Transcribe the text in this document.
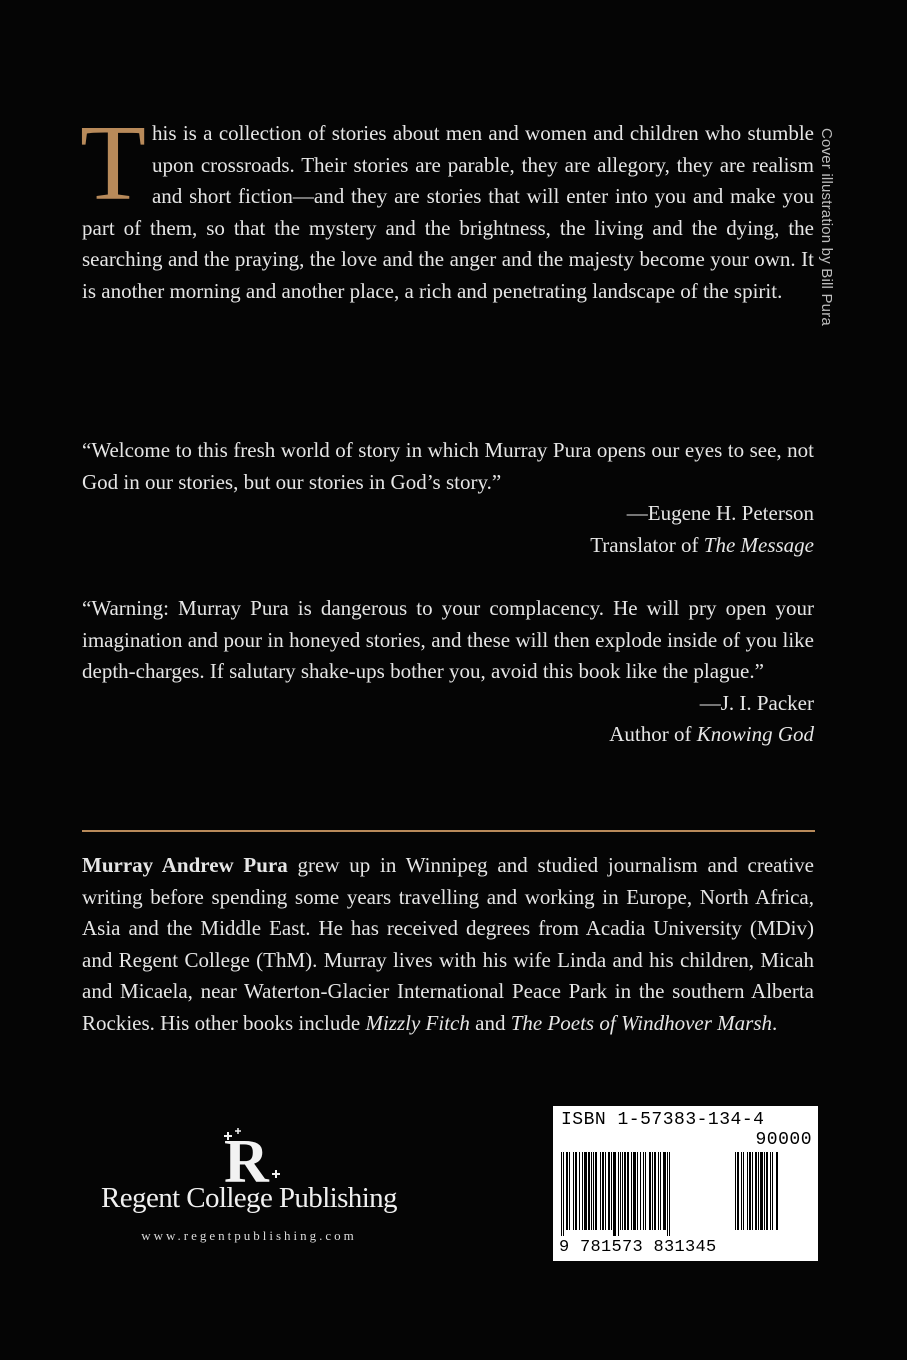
This is a collection of stories about men and women and children who stumble upon crossroads. Their stories are parable, they are allegory, they are realism and short fiction—and they are stories that will enter into you and make you part of them, so that the mystery and the brightness, the living and the dying, the searching and the praying, the love and the anger and the majesty become your own. It is another morning and another place, a rich and penetrating landscape of the spirit.	Cover illustration by Bill Pura
“Welcome to this fresh world of story in which Murray Pura opens our eyes to see, not God in our stories, but our stories in God’s story.”
—Eugene H. Peterson
Translator of The Message
“Warning: Murray Pura is dangerous to your complacency. He will pry open your imagination and pour in honeyed stories, and these will then explode inside of you like depth-charges. If salutary shake-ups bother you, avoid this book like the plague.”
—J. I. Packer
Author of Knowing God
Murray Andrew Pura grew up in Winnipeg and studied journalism and creative writing before spending some years travelling and working in Europe, North Africa, Asia and the Middle East. He has received degrees from Acadia University (MDiv) and Regent College (ThM). Murray lives with his wife Linda and his children, Micah and Micaela, near Waterton-Glacier International Peace Park in the southern Alberta Rockies. His other books include Mizzly Fitch and The Poets of Windhover Marsh.
R
Regent College Publishing
www.regentpublishing.com
ISBN 1-57383-134-4
90000
9 781573 831345
